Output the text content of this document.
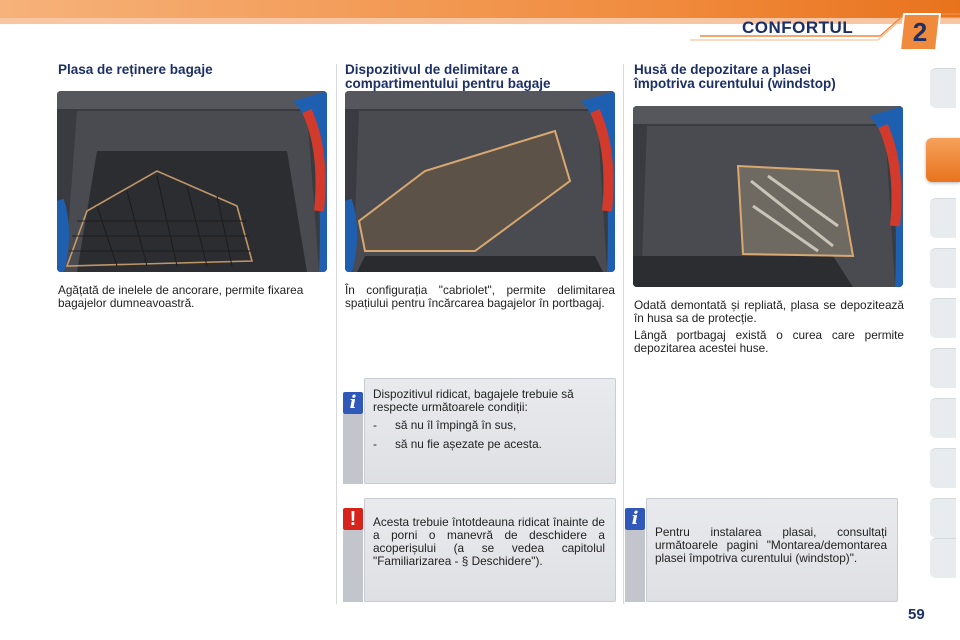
CONFORTUL	2
Plasa de reținere bagaje
Agățată de inelele de ancorare, permite fixarea bagajelor dumneavoastră.
Dispozitivul de delimitare a
compartimentului pentru bagaje
În configurația "cabriolet", permite delimitarea spațiului pentru încărcarea bagajelor în portbagaj.
i	Dispozitivul ridicat, bagajele trebuie să respecte următoarele condiții:

-	să nu îl împingă în sus,
-	să nu fie așezate pe acesta.
!	Acesta trebuie întotdeauna ridicat înainte de a porni o manevră de deschidere a acoperișului (a se vedea capitolul "Familiarizarea - § Deschidere").

Husă de depozitare a plasei
împotriva curentului (windstop)
Odată demontată și repliată, plasa se depozitează în husa sa de protecție.
Lângă portbagaj există o curea care permite depozitarea acestei huse.
i

Pentru instalarea plasai, consultați următoarele pagini "Montarea/demontarea plasei împotriva curentului (windstop)".

59
